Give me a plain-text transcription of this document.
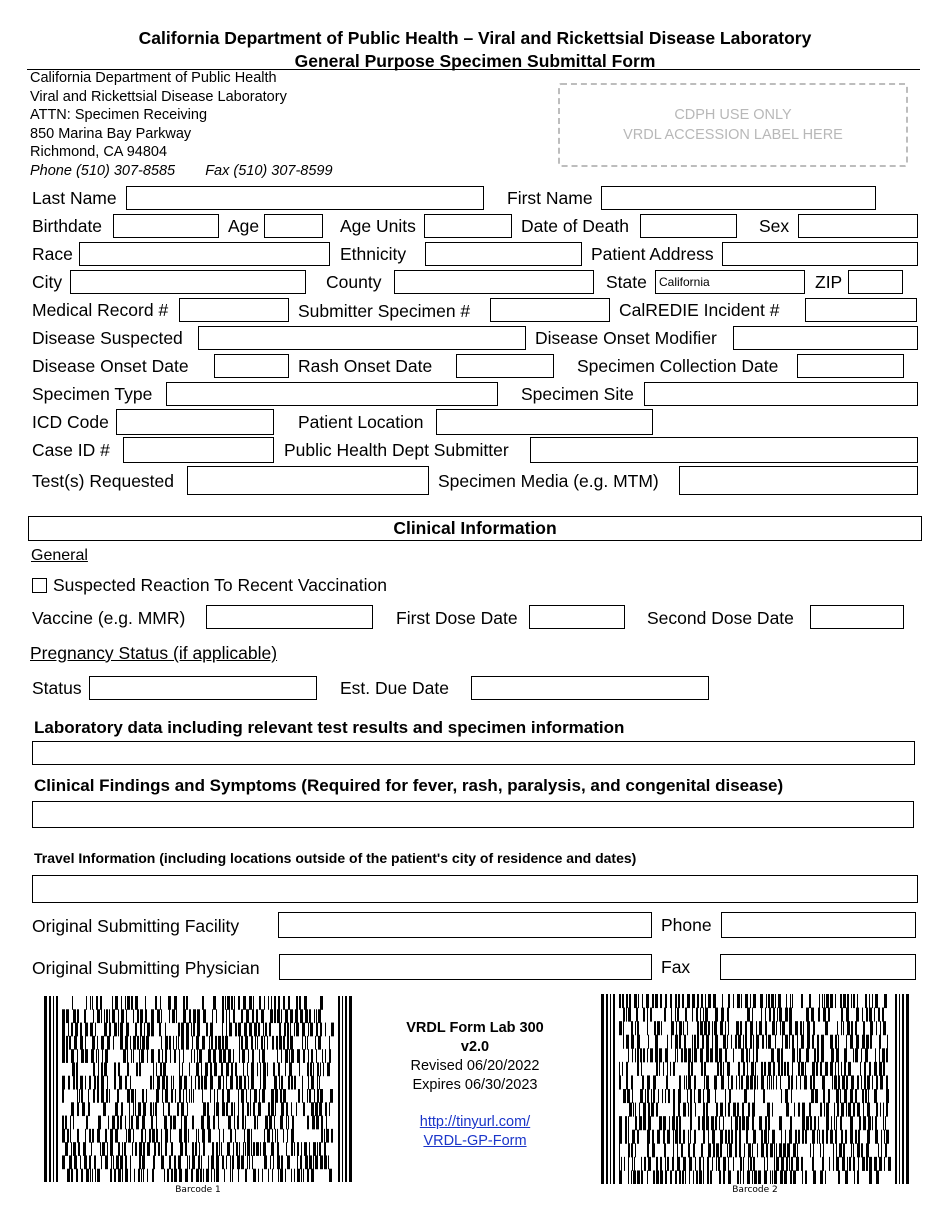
California Department of Public Health – Viral and Rickettsial Disease Laboratory
General Purpose Specimen Submittal Form
California Department of Public Health
Viral and Rickettsial Disease Laboratory
ATTN: Specimen Receiving
850 Marina Bay Parkway
Richmond, CA 94804
Phone (510) 307-8585 Fax (510) 307-8599
CDPH USE ONLY
VRDL ACCESSION LABEL HERE
Last Name	First Name
Birthdate	Age	Age Units	Date of Death	Sex
Race	Ethnicity	Patient Address
City	County	State California	ZIP
Medical Record #	Submitter Specimen #	CalREDIE Incident #
Disease Suspected	Disease Onset Modifier
Disease Onset Date	Rash Onset Date	Specimen Collection Date
Specimen Type	Specimen Site
ICD Code	Patient Location
Case ID #	Public Health Dept Submitter
Test(s) Requested	Specimen Media (e.g. MTM)
Clinical Information
General
Suspected Reaction To Recent Vaccination
Vaccine (e.g. MMR)	First Dose Date	Second Dose Date
Pregnancy Status (if applicable)
Status	Est. Due Date
Laboratory data including relevant test results and specimen information
Clinical Findings and Symptoms (Required for fever, rash, paralysis, and congenital disease)
Travel Information (including locations outside of the patient's city of residence and dates)
Original Submitting Facility	Phone
Original Submitting Physician	Fax
Barcode 1	Barcode 2
VRDL Form Lab 300
v2.0
Revised 06/20/2022
Expires 06/30/2023
http://tinyurl.com/
VRDL-GP-Form
